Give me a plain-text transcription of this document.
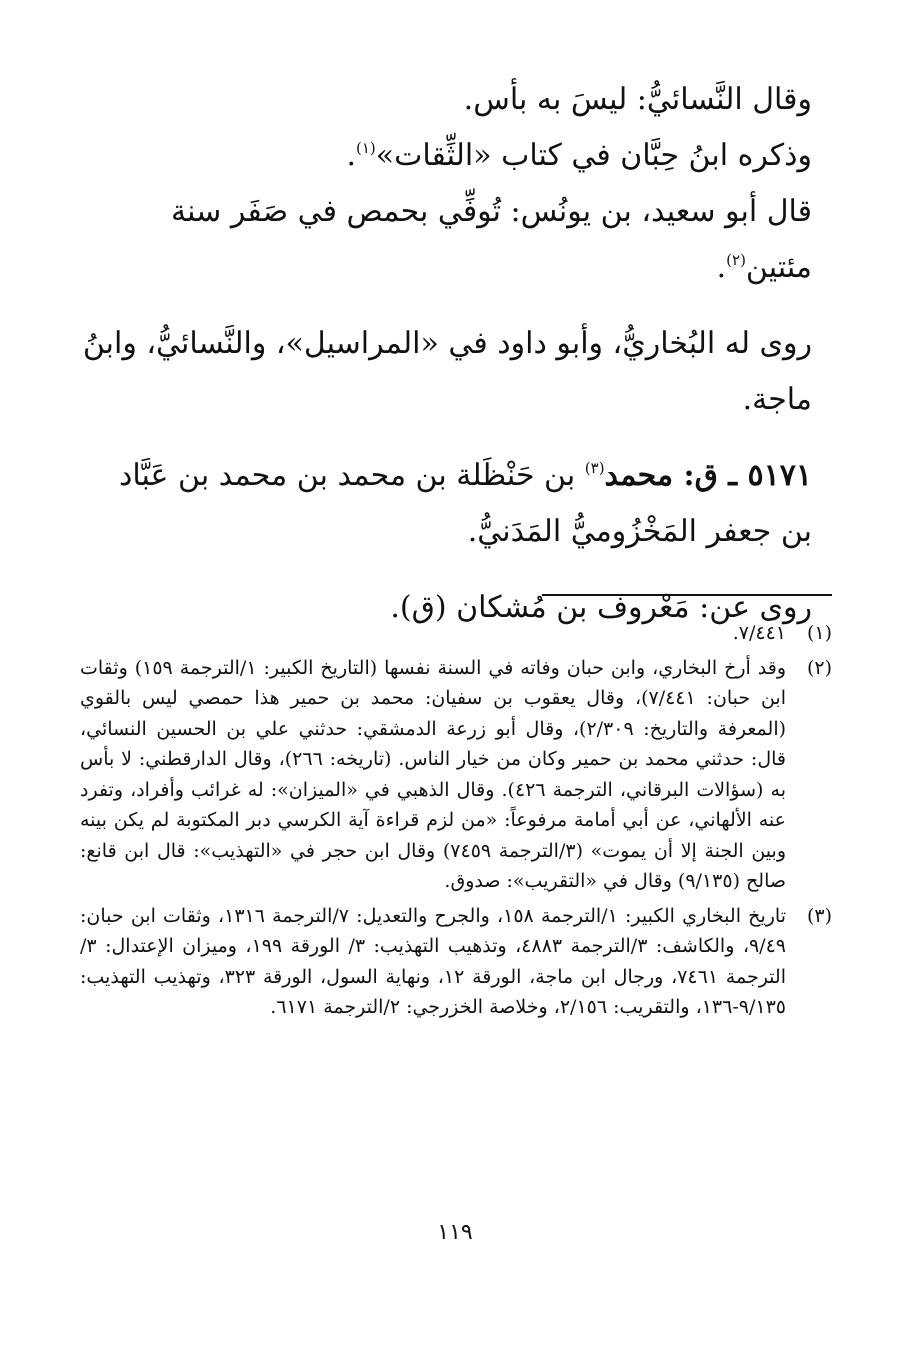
وقال النَّسائيُّ: ليسَ به بأس.

وذكره ابنُ حِبَّان في كتاب «الثِّقات»$^{(١)}$.

قال أبو سعيد، بن يونُس: تُوفِّي بحمص في صَفَر سنة مئتين$^{(٢)}$.

روى له البُخاريُّ، وأبو داود في «المراسيل»، والنَّسائيُّ، وابنُ ماجة.

٥١٧١ ـ ق: محمد$^{(٣)}$ بن حَنْظَلة بن محمد بن محمد بن عَبَّاد بن جعفر المَخْزُوميُّ المَدَنيُّ.

روى عن: مَعْروف بن مُشكان (ق).

(١)
٧/٤٤١.
(٢)
وقد أرخ البخاري، وابن حبان وفاته في السنة نفسها (التاريخ الكبير: ١/الترجمة ١٥٩) وثقات ابن حبان: ٧/٤٤١)، وقال يعقوب بن سفيان: محمد بن حمير هذا حمصي ليس بالقوي (المعرفة والتاريخ: ٢/٣٠٩)، وقال أبو زرعة الدمشقي: حدثني علي بن الحسين النسائي، قال: حدثني محمد بن حمير وكان من خيار الناس. (تاريخه: ٢٦٦)، وقال الدارقطني: لا بأس به (سؤالات البرقاني، الترجمة ٤٢٦). وقال الذهبي في «الميزان»: له غرائب وأفراد، وتفرد عنه الألهاني، عن أبي أمامة مرفوعاً: «من لزم قراءة آية الكرسي دبر المكتوبة لم يكن بينه وبين الجنة إلا أن يموت» (٣/الترجمة ٧٤٥٩) وقال ابن حجر في «التهذيب»: قال ابن قانع: صالح (٩/١٣٥) وقال في «التقريب»: صدوق.
(٣)
تاريخ البخاري الكبير: ١/الترجمة ١٥٨، والجرح والتعديل: ٧/الترجمة ١٣١٦، وثقات ابن حبان: ٩/٤٩، والكاشف: ٣/الترجمة ٤٨٨٣، وتذهيب التهذيب: ٣/ الورقة ١٩٩، وميزان الإعتدال: ٣/الترجمة ٧٤٦١، ورجال ابن ماجة، الورقة ١٢، ونهاية السول، الورقة ٣٢٣، وتهذيب التهذيب: ٩/١٣٥-١٣٦، والتقريب: ٢/١٥٦، وخلاصة الخزرجي: ٢/الترجمة ٦١٧١.
١١٩
